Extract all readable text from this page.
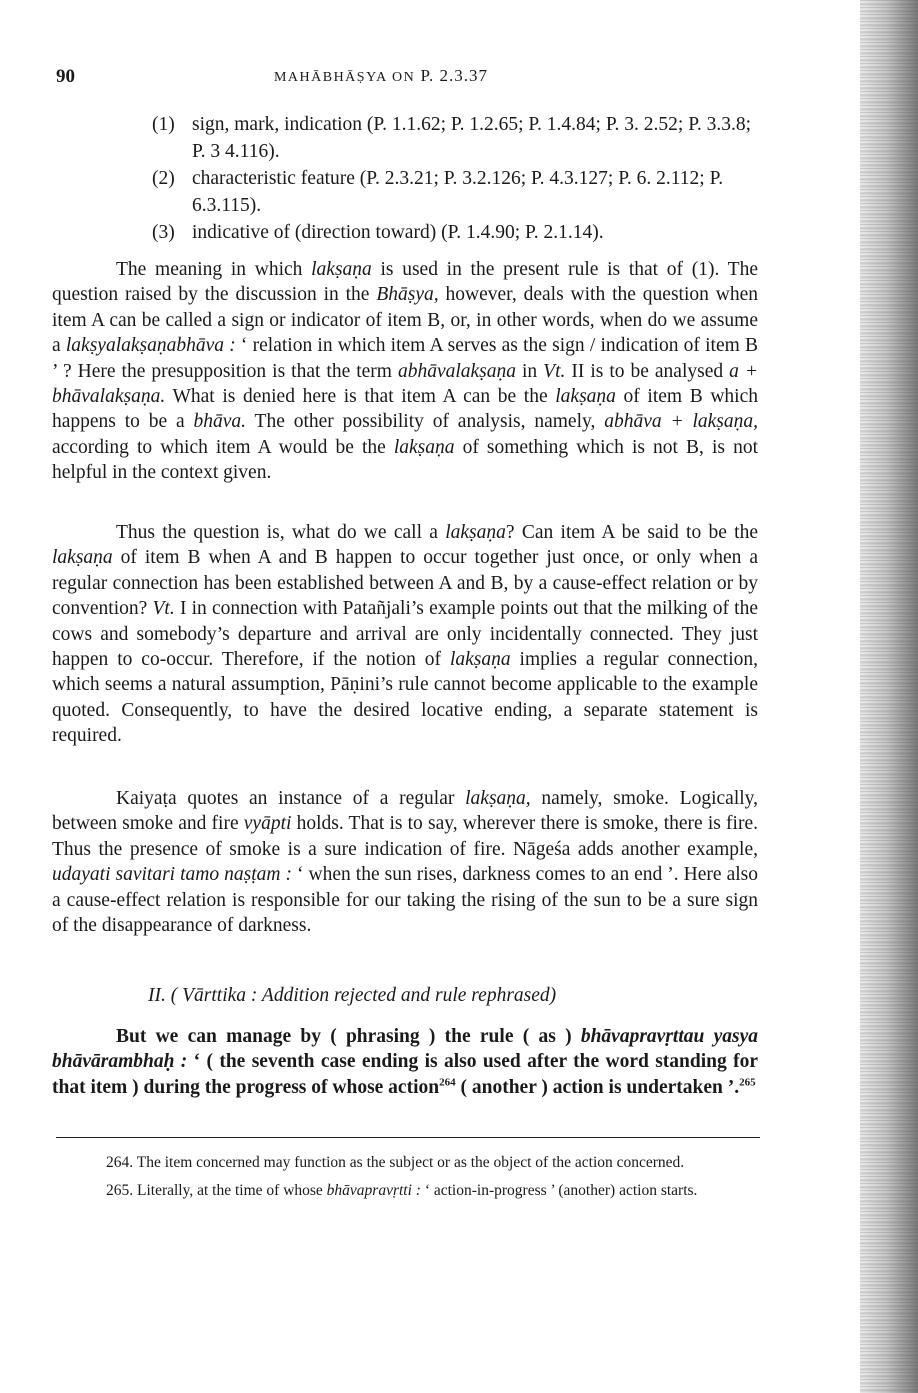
90	MAHĀBHĀṢYA ON P. 2.3.37
(1) sign, mark, indication (P. 1.1.62; P. 1.2.65; P. 1.4.84; P. 3. 2.52; P. 3.3.8; P. 3 4.116).
(2) characteristic feature (P. 2.3.21; P. 3.2.126; P. 4.3.127; P. 6. 2.112; P. 6.3.115).
(3) indicative of (direction toward) (P. 1.4.90; P. 2.1.14).
The meaning in which lakṣaṇa is used in the present rule is that of (1). The question raised by the discussion in the Bhāṣya, however, deals with the question when item A can be called a sign or indicator of item B, or, in other words, when do we assume a lakṣyalakṣaṇabhāva : ‘ relation in which item A serves as the sign / indication of item B ’ ? Here the presupposition is that the term abhāvalakṣaṇa in Vt. II is to be analysed a + bhāvalakṣaṇa. What is denied here is that item A can be the lakṣaṇa of item B which happens to be a bhāva. The other possibility of analysis, namely, abhāva + lakṣaṇa, according to which item A would be the lakṣaṇa of something which is not B, is not helpful in the context given.
Thus the question is, what do we call a lakṣaṇa? Can item A be said to be the lakṣaṇa of item B when A and B happen to occur together just once, or only when a regular connection has been established between A and B, by a cause-effect relation or by convention? Vt. I in connection with Patañjali’s example points out that the milking of the cows and somebody’s departure and arrival are only incidentally connected. They just happen to co-occur. Therefore, if the notion of lakṣaṇa implies a regular connection, which seems a natural assumption, Pāṇini’s rule cannot become applicable to the example quoted. Consequently, to have the desired locative ending, a separate statement is required.
Kaiyaṭa quotes an instance of a regular lakṣaṇa, namely, smoke. Logically, between smoke and fire vyāpti holds. That is to say, wherever there is smoke, there is fire. Thus the presence of smoke is a sure indication of fire. Nāgeśa adds another example, udayati savitari tamo naṣṭam : ‘ when the sun rises, darkness comes to an end ’. Here also a cause-effect relation is responsible for our taking the rising of the sun to be a sure sign of the disappearance of darkness.
II. ( Vārttika : Addition rejected and rule rephrased)
But we can manage by ( phrasing ) the rule ( as ) bhāvapravṛttau yasya bhāvārambhaḥ : ‘ ( the seventh case ending is also used after the word standing for that item ) during the progress of whose action$^{264}$ ( another ) action is undertaken ’.$^{265}$
264. The item concerned may function as the subject or as the object of the action concerned.
265. Literally, at the time of whose bhāvapravṛtti : ‘ action-in-progress ’ (another) action starts.
